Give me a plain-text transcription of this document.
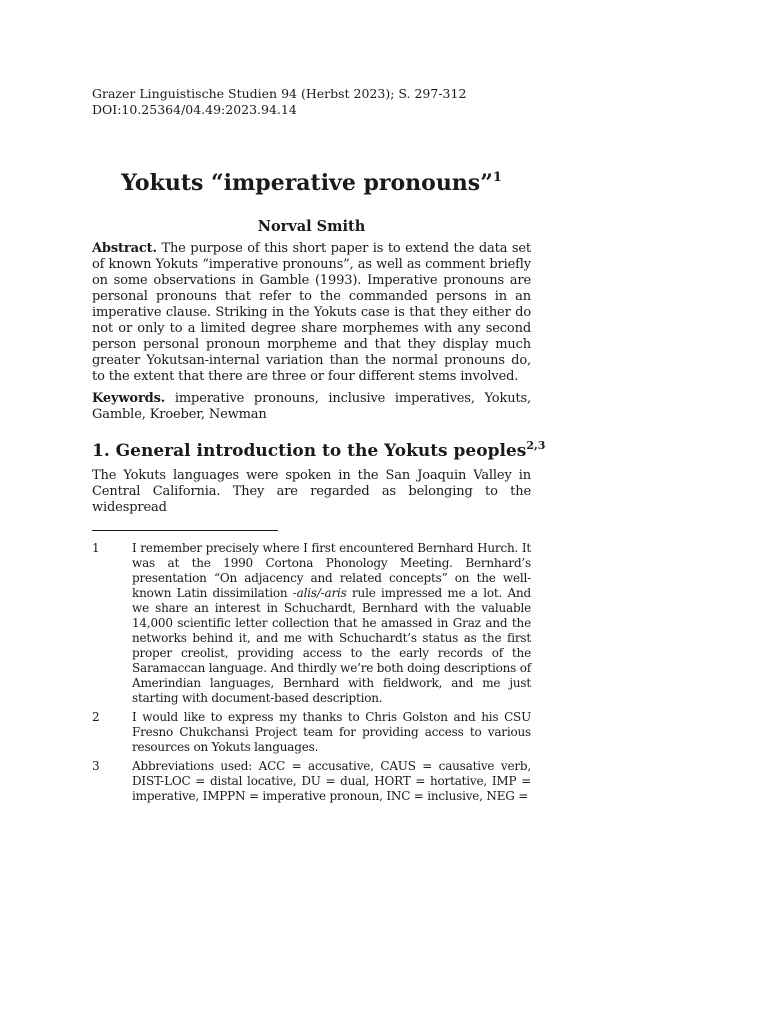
Grazer Linguistische Studien 94 (Herbst 2023); S. 297-312

DOI:10.25364/04.49:2023.94.14

Yokuts “imperative pronouns”$^1$

Norval Smith

Abstract. The purpose of this short paper is to extend the data set of known Yokuts “imperative pronouns”, as well as comment briefly on some observations in Gamble (1993). Imperative pronouns are personal pronouns that refer to the commanded persons in an imperative clause. Striking in the Yokuts case is that they either do not or only to a limited degree share morphemes with any second person personal pronoun morpheme and that they display much greater Yokutsan-internal variation than the normal pronouns do, to the extent that there are three or four different stems involved.

Keywords. imperative pronouns, inclusive imperatives, Yokuts, Gamble, Kroeber, Newman

1. General introduction to the Yokuts peoples$^{2,3}$

The Yokuts languages were spoken in the San Joaquin Valley in Central California. They are regarded as belonging to the widespread

1	I remember precisely where I first encountered Bernhard Hurch. It was at the 1990 Cortona Phonology Meeting. Bernhard’s presentation “On adjacency and related concepts” on the well-known Latin dissimilation -alis/-aris rule impressed me a lot. And we share an interest in Schuchardt, Bernhard with the valuable 14,000 scientific letter collection that he amassed in Graz and the networks behind it, and me with Schuchardt’s status as the first proper creolist, providing access to the early records of the Saramaccan language. And thirdly we’re both doing descriptions of Amerindian languages, Bernhard with fieldwork, and me just starting with document-based description.
2	I would like to express my thanks to Chris Golston and his CSU Fresno Chukchansi Project team for providing access to various resources on Yokuts languages.
3	Abbreviations used: ACC = accusative, CAUS = causative verb, DIST-LOC = distal locative, DU = dual, HORT = hortative, IMP = imperative, IMPPN = imperative pronoun, INC = inclusive, NEG =
